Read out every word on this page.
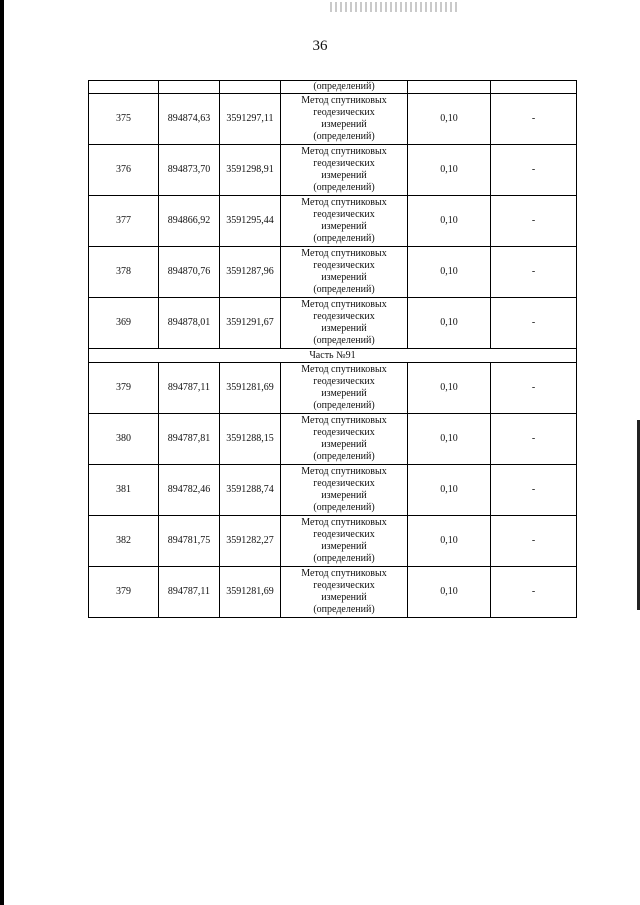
36
			(определений)		
375	894874,63	3591297,11	Метод спутниковых
геодезических
измерений
(определений)	0,10	-
376	894873,70	3591298,91	Метод спутниковых
геодезических
измерений
(определений)	0,10	-
377	894866,92	3591295,44	Метод спутниковых
геодезических
измерений
(определений)	0,10	-
378	894870,76	3591287,96	Метод спутниковых
геодезических
измерений
(определений)	0,10	-
369	894878,01	3591291,67	Метод спутниковых
геодезических
измерений
(определений)	0,10	-
Часть №91					
379	894787,11	3591281,69	Метод спутниковых
геодезических
измерений
(определений)	0,10	-
380	894787,81	3591288,15	Метод спутниковых
геодезических
измерений
(определений)	0,10	-
381	894782,46	3591288,74	Метод спутниковых
геодезических
измерений
(определений)	0,10	-
382	894781,75	3591282,27	Метод спутниковых
геодезических
измерений
(определений)	0,10	-
379	894787,11	3591281,69	Метод спутниковых
геодезических
измерений
(определений)	0,10	-
